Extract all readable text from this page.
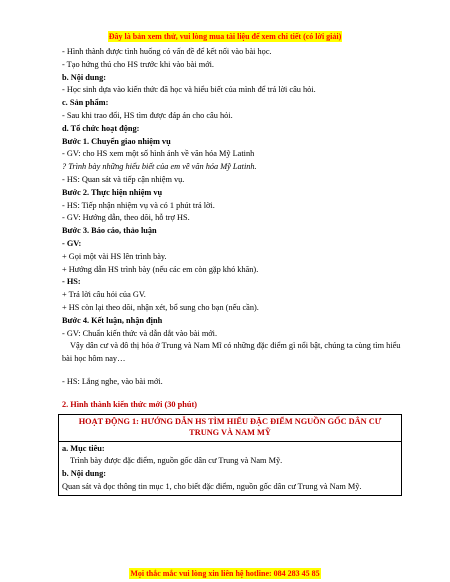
Đây là bản xem thử, vui lòng mua tài liệu để xem chi tiết (có lời giải)
- Hình thành được tình huống có vấn đề để kết nối vào bài học.
- Tạo hứng thú cho HS trước khi vào bài mới.
b. Nội dung:
- Học sinh dựa vào kiến thức đã học và hiểu biết của mình để trả lời câu hỏi.
c. Sản phẩm:
- Sau khi trao đổi, HS tìm được đáp án cho câu hỏi.
d. Tổ chức hoạt động:
Bước 1. Chuyển giao nhiệm vụ
- GV: cho HS xem một số hình ảnh về văn hóa Mỹ Latinh
? Trình bày những hiểu biết của em về văn hóa Mỹ Latinh.
- HS: Quan sát và tiếp cận nhiệm vụ.
Bước 2. Thực hiện nhiệm vụ
- HS: Tiếp nhận nhiệm vụ và có 1 phút trả lời.
- GV: Hướng dẫn, theo dõi, hỗ trợ HS.
Bước 3. Báo cáo, thảo luận
- GV:
+ Gọi một vài HS lên trình bày.
+ Hướng dẫn HS trình bày (nếu các em còn gặp khó khăn).
- HS:
+ Trả lời câu hỏi của GV.
+ HS còn lại theo dõi, nhận xét, bổ sung cho bạn (nếu cần).
Bước 4. Kết luận, nhận định
- GV: Chuẩn kiến thức và dẫn dắt vào bài mới.
Vậy dân cư và đô thị hóa ở Trung và Nam Mĩ có những đặc điểm gì nổi bật, chúng ta cùng tìm hiểu bài học hôm nay…
- HS: Lắng nghe, vào bài mới.
2. Hình thành kiến thức mới (30 phút)
HOẠT ĐỘNG 1: HƯỚNG DẪN HS TÌM HIỂU ĐẶC ĐIỂM NGUỒN GỐC DÂN CƯ TRUNG VÀ NAM MỸ
a. Mục tiêu:
Trình bày được đặc điểm, nguồn gốc dân cư Trung và Nam Mỹ.
b. Nội dung:
Quan sát và đọc thông tin mục 1, cho biết đặc điểm, nguồn gốc dân cư Trung và Nam Mỹ.
Mọi thắc mắc vui lòng xin liên hệ hotline: 084 283 45 85
